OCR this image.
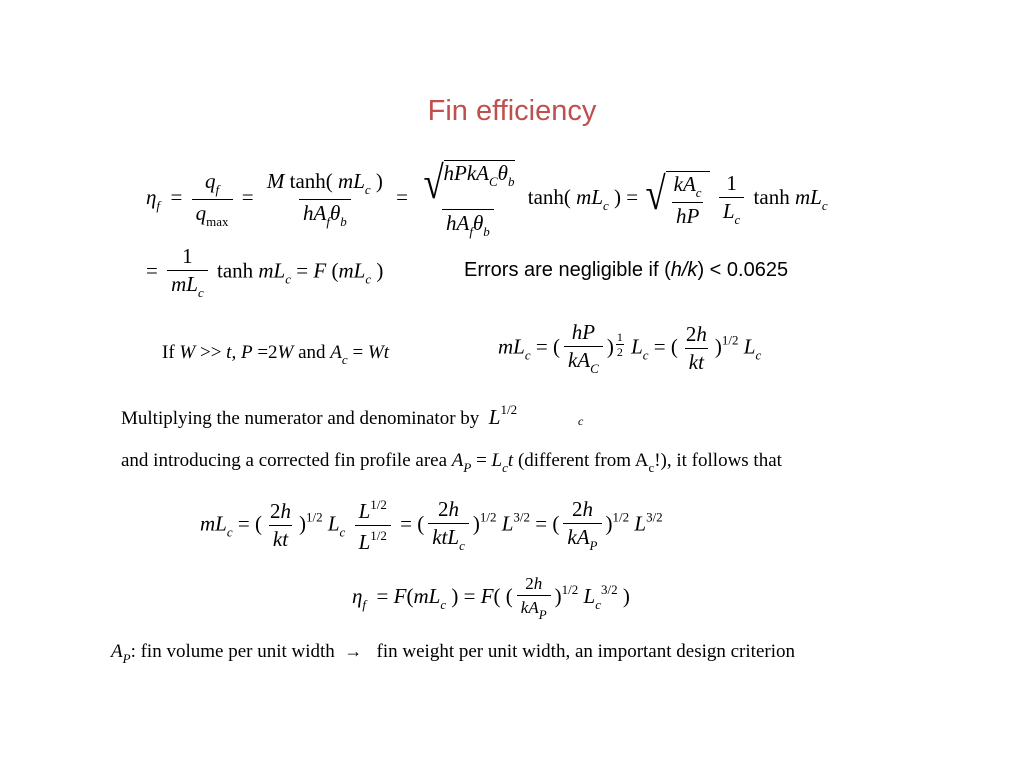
Fin efficiency
$\eta_f = \frac{q_f}{q_{max}} = \frac{M \tanh( mL_c )}{hA_f\theta_b} = \frac{√ hPkA_C\theta_b}{hA_f\theta_b} \tanh$( $mL_c$ ) = √ $\frac{kA_c}{hP}$
$\frac{1}{L_c}$ $\tanh mL_c$
= $\frac{1}{mL_c}$ $\tanh mL_c = F$ ($mL_c$ )	Errors are negligible if (h/k) < 0.0625
If W >> t, P =2W and $A_c = Wt$	$mL_c$ = ( $\frac{hP}{kA_C}$ ) $\frac{1}{2} L_c$ = ( $\frac{2h}{kt} )^{1/2}$ $L_c$
Multiplying the numerator and denominator by $L^{1/2}$
c
and introducing a corrected fin profile area $A_P = L_ct$ (different from $A_c$!), it follows that
$mL_c$ = ( $\frac{2h}{kt} )^{1/2}$ $L_c \frac{L^{1/2}}{L^{1/2}}$ = ( $\frac{2h}{ktL_c} )^{1/2}$ $L^{3/2}$ = ( $\frac{2h}{kA_P} )^{1/2}$ $L^{3/2}$
$\eta_f = F(mL_c$ ) = F( ( $\frac{2h}{kA_P} )^{1/2}$ $L_c^{3/2}$ )
$A_P$: fin volume per unit width → fin weight per unit width, an important design criterion
